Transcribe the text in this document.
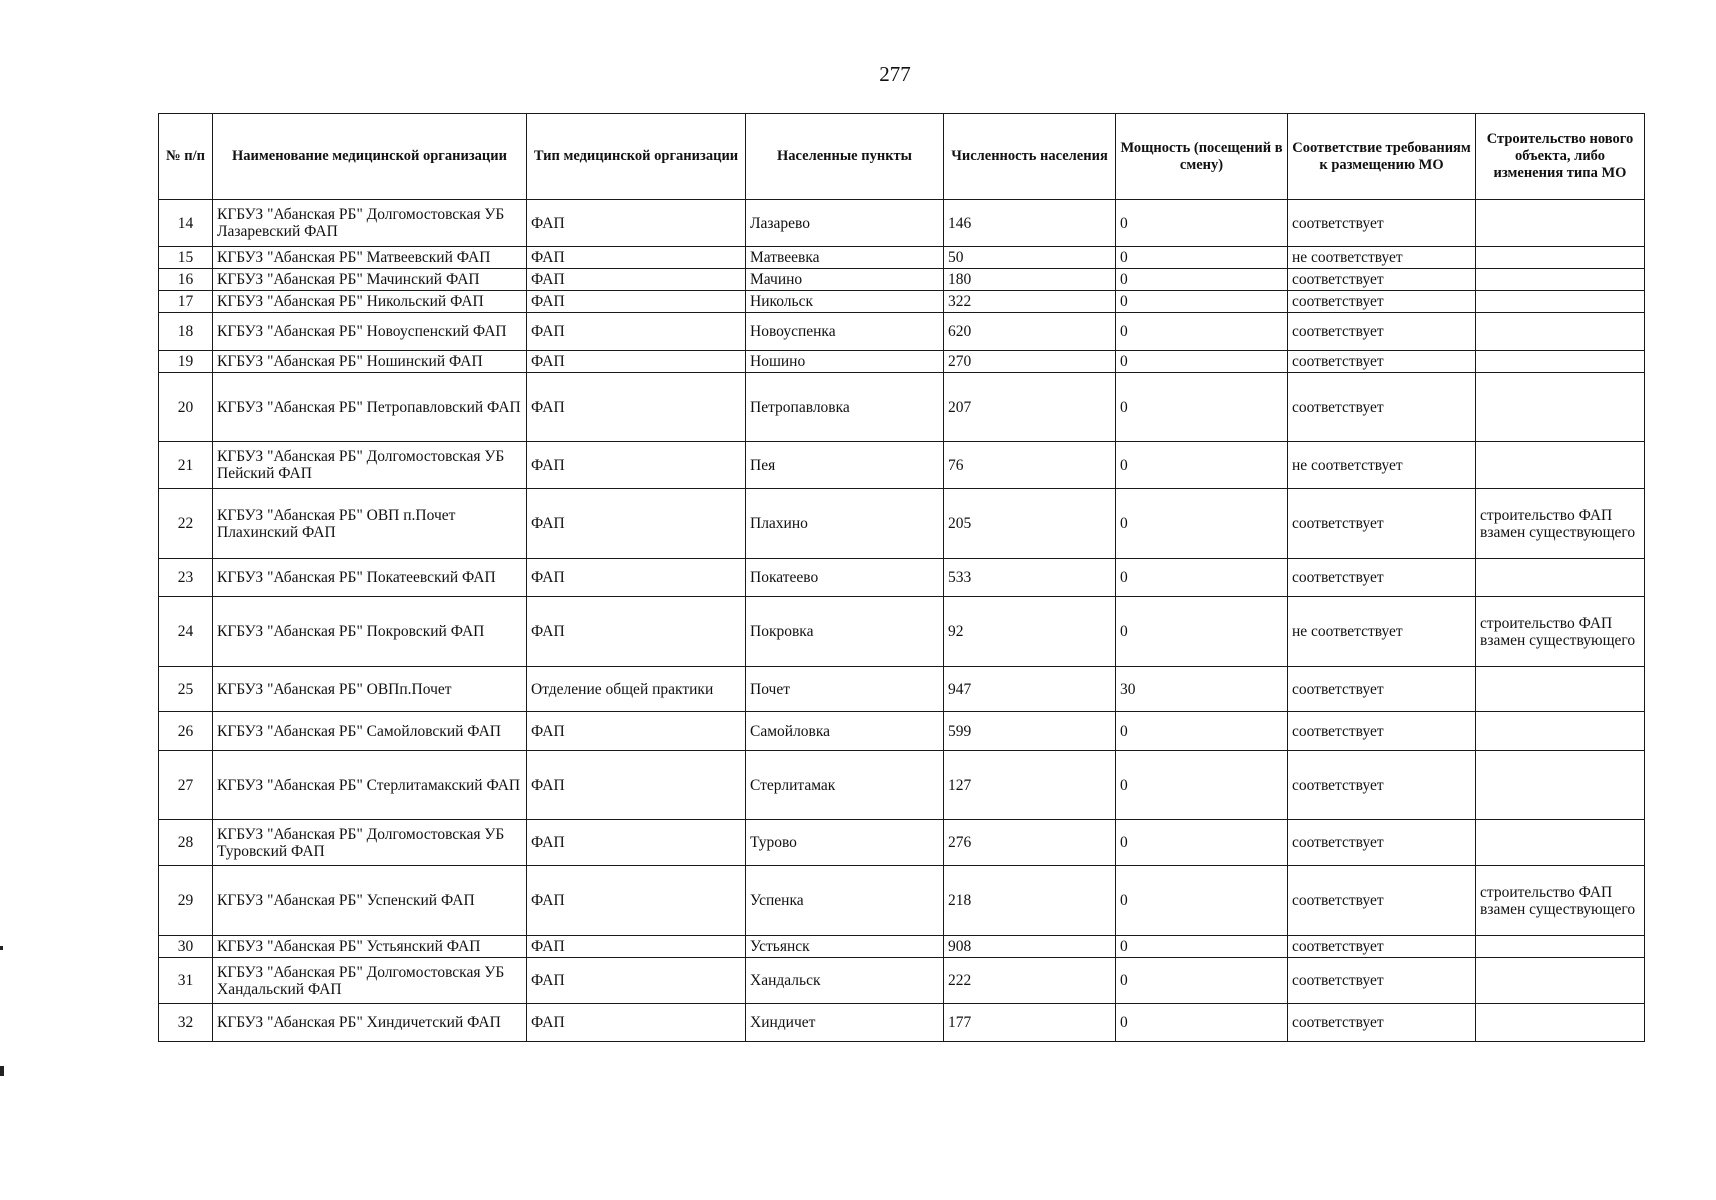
277
№ п/п	Наименование медицинской организации	Тип медицинской организации	Населенные пункты	Численность населения	Мощность (посещений в смену)	Соответствие требованиям к размещению МО	Строительство нового объекта, либо изменения типа МО
14	КГБУЗ "Абанская РБ" Долгомостовская УБ Лазаревский ФАП	ФАП	Лазарево	146	0	соответствует	
15	КГБУЗ "Абанская РБ" Матвеевский ФАП	ФАП	Матвеевка	50	0	не соответствует	
16	КГБУЗ "Абанская РБ" Мачинский ФАП	ФАП	Мачино	180	0	соответствует	
17	КГБУЗ "Абанская РБ" Никольский ФАП	ФАП	Никольск	322	0	соответствует	
18	КГБУЗ "Абанская РБ" Новоуспенский ФАП	ФАП	Новоуспенка	620	0	соответствует	
19	КГБУЗ "Абанская РБ" Ношинский ФАП	ФАП	Ношино	270	0	соответствует	
20	КГБУЗ "Абанская РБ" Петропавловский ФАП	ФАП	Петропавловка	207	0	соответствует	
21	КГБУЗ "Абанская РБ" Долгомостовская УБ Пейский ФАП	ФАП	Пея	76	0	не соответствует	
22	КГБУЗ "Абанская РБ" ОВП п.Почет Плахинский ФАП	ФАП	Плахино	205	0	соответствует	строительство ФАП взамен существующего
23	КГБУЗ "Абанская РБ" Покатеевский ФАП	ФАП	Покатеево	533	0	соответствует	
24	КГБУЗ "Абанская РБ" Покровский ФАП	ФАП	Покровка	92	0	не соответствует	строительство ФАП взамен существующего
25	КГБУЗ "Абанская РБ" ОВПп.Почет	Отделение общей практики	Почет	947	30	соответствует	
26	КГБУЗ "Абанская РБ" Самойловский ФАП	ФАП	Самойловка	599	0	соответствует	
27	КГБУЗ "Абанская РБ" Стерлитамакский ФАП	ФАП	Стерлитамак	127	0	соответствует	
28	КГБУЗ "Абанская РБ" Долгомостовская УБ Туровский ФАП	ФАП	Турово	276	0	соответствует	
29	КГБУЗ "Абанская РБ" Успенский ФАП	ФАП	Успенка	218	0	соответствует	строительство ФАП взамен существующего
30	КГБУЗ "Абанская РБ" Устьянский ФАП	ФАП	Устьянск	908	0	соответствует	
31	КГБУЗ "Абанская РБ" Долгомостовская УБ Хандальский ФАП	ФАП	Хандальск	222	0	соответствует	
32	КГБУЗ "Абанская РБ" Хиндичетский ФАП	ФАП	Хиндичет	177	0	соответствует	
